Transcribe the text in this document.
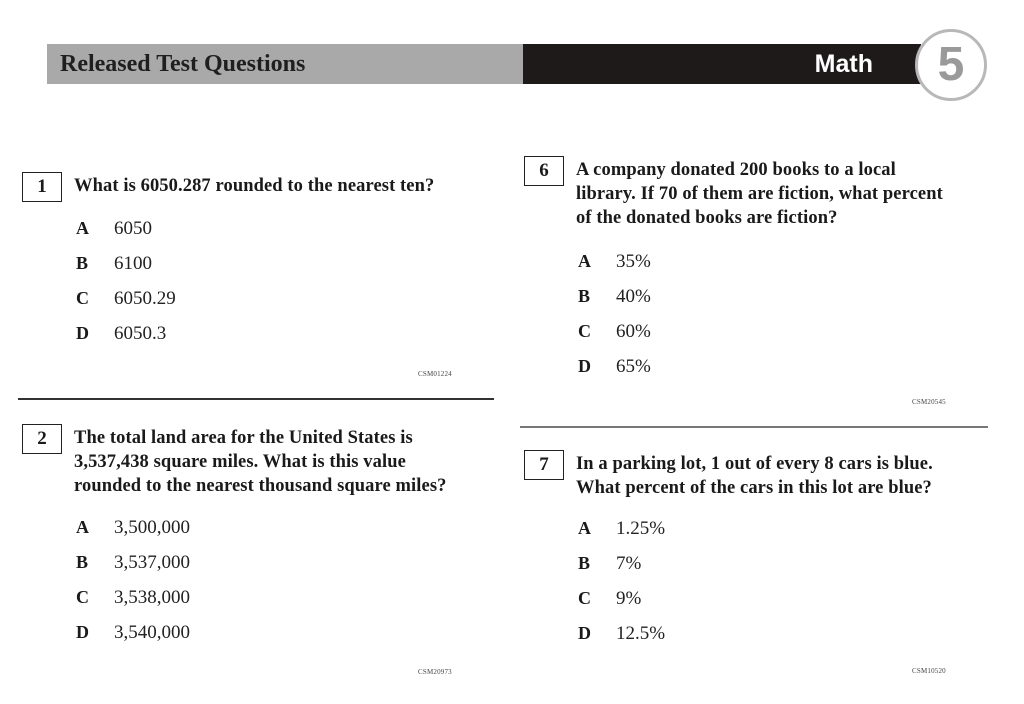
Released Test Questions	Math	5
1	What is 6050.287 rounded to the nearest ten?
A 6050
B 6100
C 6050.29
D 6050.3
CSM01224
2	The total land area for the United States is
3,537,438 square miles. What is this value
rounded to the nearest thousand square miles?
A 3,500,000
B 3,537,000
C 3,538,000
D 3,540,000
CSM20973
6	A company donated 200 books to a local
library. If 70 of them are fiction, what percent
of the donated books are fiction?
A 35%
B 40%
C 60%
D 65%
CSM20545
7	In a parking lot, 1 out of every 8 cars is blue.
What percent of the cars in this lot are blue?
A 1.25%
B 7%
C 9%
D 12.5%
CSM10520
